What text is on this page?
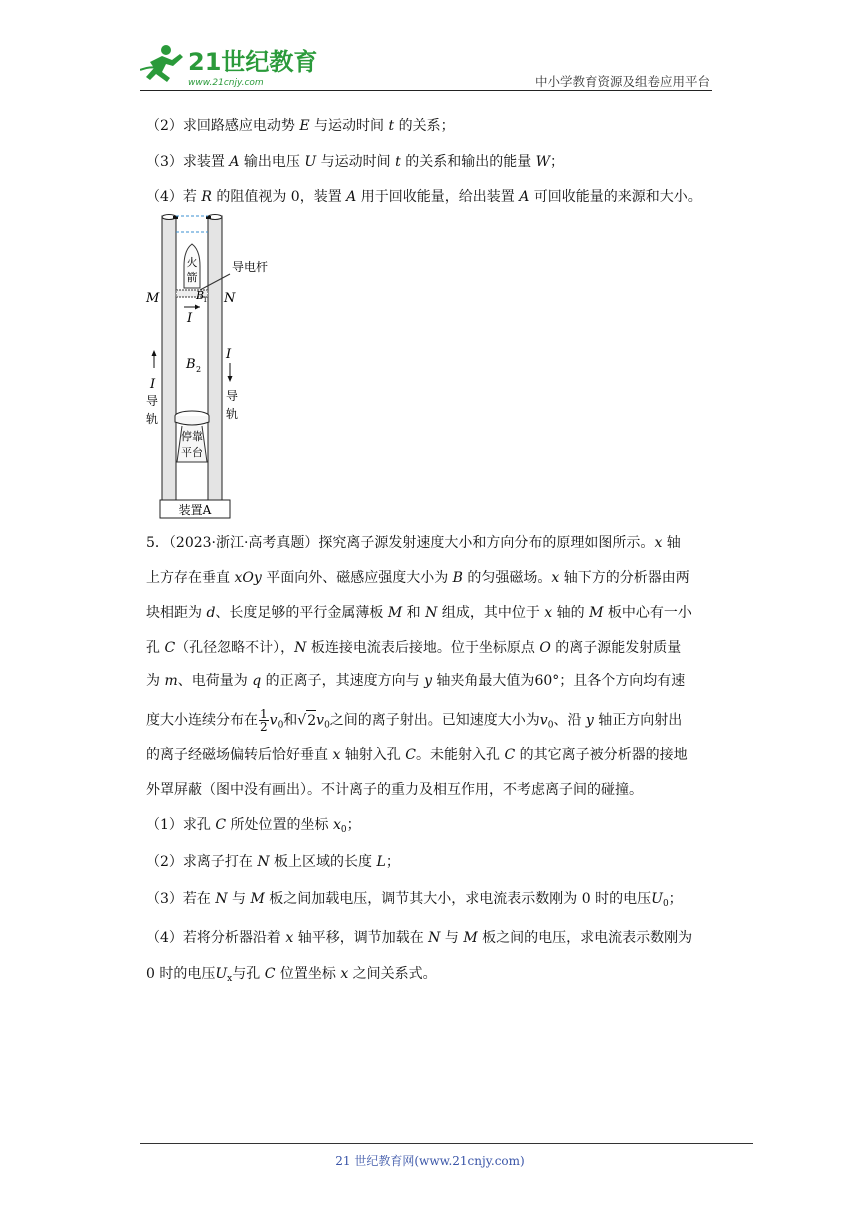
21世纪教育
www.21cnjy.com	中小学教育资源及组卷应用平台
（2）求回路感应电动势 E 与运动时间 t 的关系；
（3）求装置 A 输出电压 U 与运动时间 t 的关系和输出的能量 W；
（4）若 R 的阻值视为 0，装置 A 用于回收能量，给出装置 A 可回收能量的来源和大小。
火
箭
导电杆
M	N
B
1
I
I
导
轨
I
导
轨
B 2
停靠
平台
装置A
5．（2023·浙江·高考真题）探究离子源发射速度大小和方向分布的原理如图所示。x 轴
上方存在垂直 xOy 平面向外、磁感应强度大小为 B 的匀强磁场。x 轴下方的分析器由两
块相距为 d、长度足够的平行金属薄板 M 和 N 组成，其中位于 x 轴的 M 板中心有一小
孔 C（孔径忽略不计），N 板连接电流表后接地。位于坐标原点 O 的离子源能发射质量
为 m、电荷量为 q 的正离子，其速度方向与 y 轴夹角最大值为60°；且各个方向均有速
度大小连续分布在 $\frac{1}{2} v_0$和$√2v_0$之间的离子射出。已知速度大小为$v_0$、沿 y 轴正方向射出
的离子经磁场偏转后恰好垂直 x 轴射入孔 C。未能射入孔 C 的其它离子被分析器的接地
外罩屏蔽（图中没有画出）。不计离子的重力及相互作用，不考虑离子间的碰撞。
（1）求孔 C 所处位置的坐标 $x_0$；
（2）求离子打在 N 板上区域的长度 L；
（3）若在 N 与 M 板之间加载电压，调节其大小，求电流表示数刚为 0 时的电压$U_0$；
（4）若将分析器沿着 x 轴平移，调节加载在 N 与 M 板之间的电压，求电流表示数刚为
0 时的电压$U_x$与孔 C 位置坐标 x 之间关系式。
21 世纪教育网(www.21cnjy.com)
